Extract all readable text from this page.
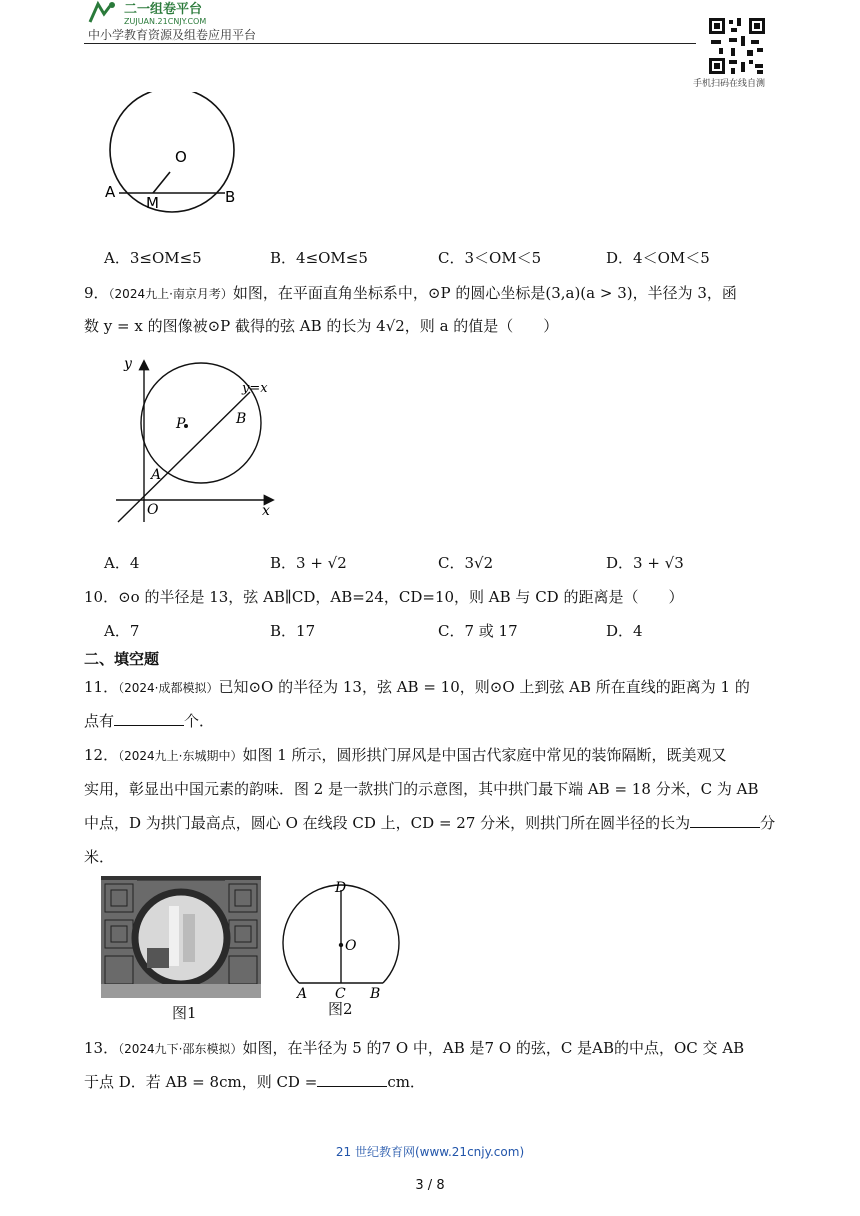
二一组卷平台
ZUJUAN.21CNJY.COM
中小学教育资源及组卷应用平台
手机扫码在线自测
O
A
M	B
A．3≤OM≤5	B．4≤OM≤5	C．3＜OM＜5	D．4＜OM＜5
9．（2024九上·南京月考）如图，在平面直角坐标系中，⊙P 的圆心坐标是(3,a)(a > 3)，半径为 3，函
数 y = x 的图像被⊙P 截得的弦 AB 的长为 4√2，则 a 的值是（　　）
y
x
O
P
A
B
y=x
A．4	B．3 + √2	C．3√2	D．3 + √3
10．⊙o 的半径是 13，弦 AB∥CD，AB=24，CD=10，则 AB 与 CD 的距离是（　　）
A．7	B．17	C．7 或 17	D．4
二、填空题
11．（2024·成都模拟）已知⊙O 的半径为 13，弦 AB = 10，则⊙O 上到弦 AB 所在直线的距离为 1 的
点有	个．
12．（2024九上·东城期中）如图 1 所示，圆形拱门屏风是中国古代家庭中常见的装饰隔断，既美观又
实用，彰显出中国元素的韵味．图 2 是一款拱门的示意图，其中拱门最下端 AB = 18 分米，C 为 AB
中点，D 为拱门最高点，圆心 O 在线段 CD 上，CD = 27 分米，则拱门所在圆半径的长为	分
米．
图1
D
O
A C B
图2
13．（2024九下·邵东模拟）如图，在半径为 5 的7 O 中，AB 是7 O 的弦，C 是AB的中点，OC 交 AB
于点 D．若 AB = 8cm，则 CD =	cm．
21 世纪教育网(www.21cnjy.com)
3 / 8
